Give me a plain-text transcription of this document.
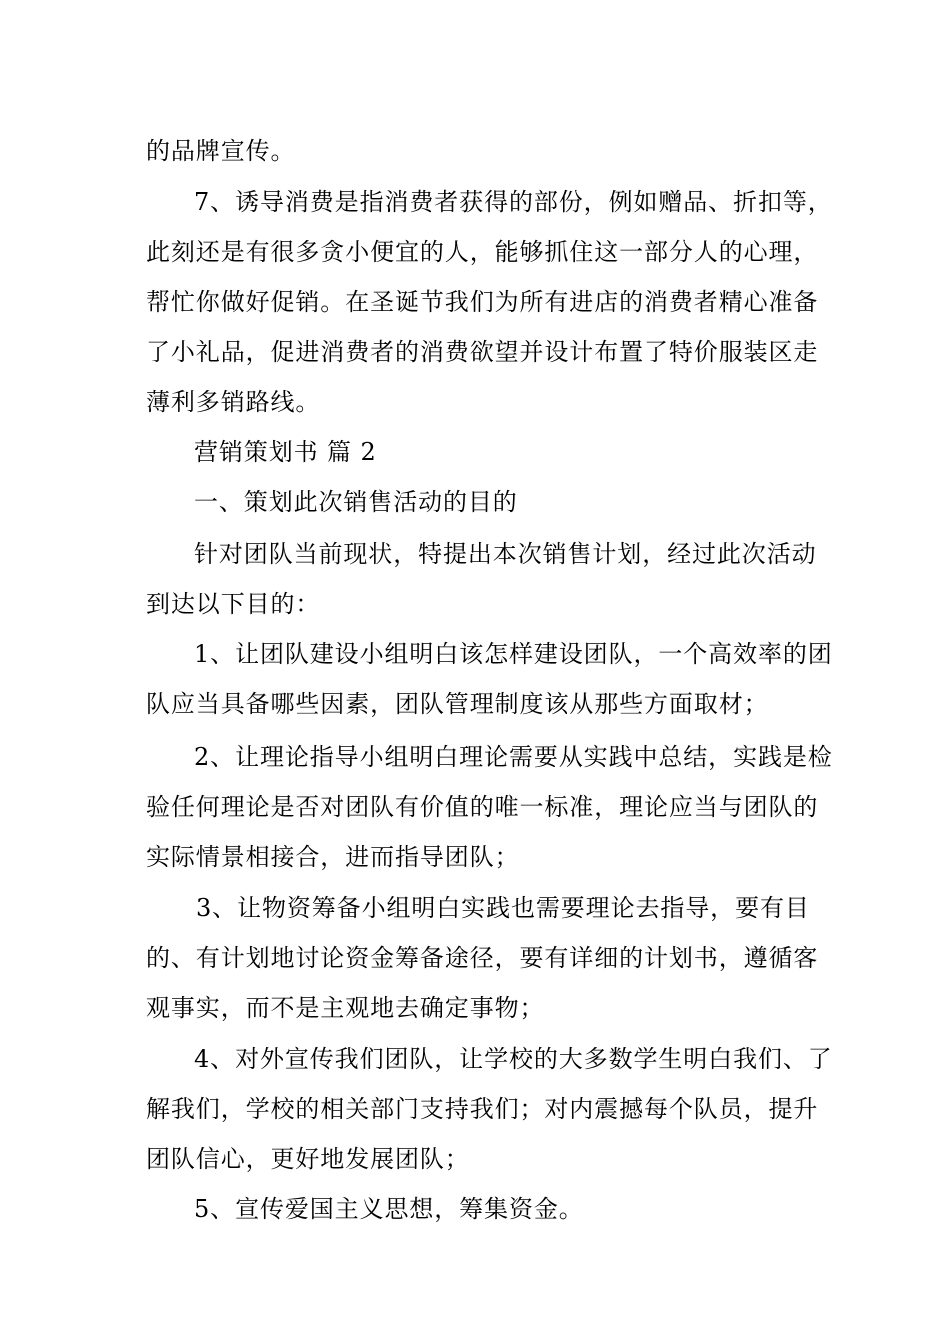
的品牌宣传。

7、诱导消费是指消费者获得的部份，例如赠品、折扣等，

此刻还是有很多贪小便宜的人，能够抓住这一部分人的心理，

帮忙你做好促销。在圣诞节我们为所有进店的消费者精心准备

了小礼品，促进消费者的消费欲望并设计布置了特价服装区走

薄利多销路线。

营销策划书 篇 2

一、策划此次销售活动的目的

针对团队当前现状，特提出本次销售计划，经过此次活动

到达以下目的：

1、让团队建设小组明白该怎样建设团队，一个高效率的团

队应当具备哪些因素，团队管理制度该从那些方面取材；

2、让理论指导小组明白理论需要从实践中总结，实践是检

验任何理论是否对团队有价值的唯一标准，理论应当与团队的

实际情景相接合，进而指导团队；

3、让物资筹备小组明白实践也需要理论去指导，要有目

的、有计划地讨论资金筹备途径，要有详细的计划书，遵循客

观事实，而不是主观地去确定事物；

4、对外宣传我们团队，让学校的大多数学生明白我们、了

解我们，学校的相关部门支持我们；对内震撼每个队员，提升

团队信心，更好地发展团队；

5、宣传爱国主义思想，筹集资金。
